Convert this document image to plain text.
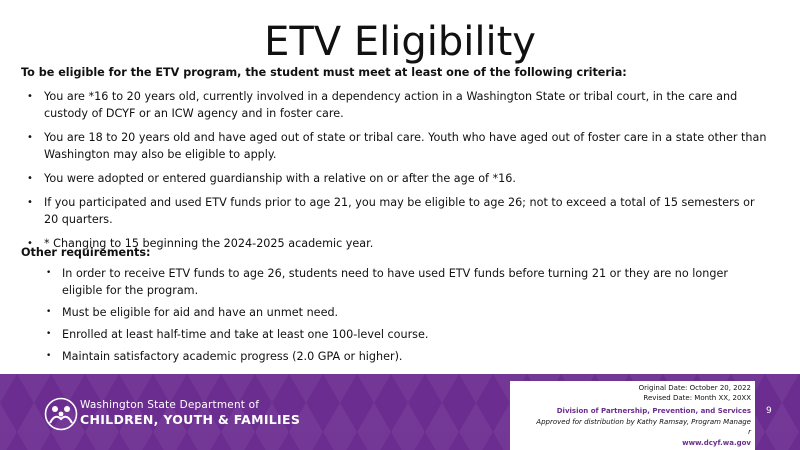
ETV Eligibility
To be eligible for the ETV program, the student must meet at least one of the following criteria:
• You are *16 to 20 years old, currently involved in a dependency action in a Washington State or tribal court, in the care and custody of DCYF or an ICW agency and in foster care.
• You are 18 to 20 years old and have aged out of state or tribal care. Youth who have aged out of foster care in a state other than Washington may also be eligible to apply.
• You were adopted or entered guardianship with a relative on or after the age of *16.
• If you participated and used ETV funds prior to age 21, you may be eligible to age 26; not to exceed a total of 15 semesters or 20 quarters.
• * Changing to 15 beginning the 2024-2025 academic year.
Other requirements:
• In order to receive ETV funds to age 26, students need to have used ETV funds before turning 21 or they are no longer eligible for the program.
• Must be eligible for aid and have an unmet need.
• Enrolled at least half-time and take at least one 100-level course.
• Maintain satisfactory academic progress (2.0 GPA or higher).
Washington State Department of
CHILDREN, YOUTH & FAMILIES
Original Date: October 20, 2022
Revised Date: Month XX, 20XX
Division of Partnership, Prevention, and Services
Approved for distribution by Kathy Ramsay, Program Manage
r
www.dcyf.wa.gov
9
